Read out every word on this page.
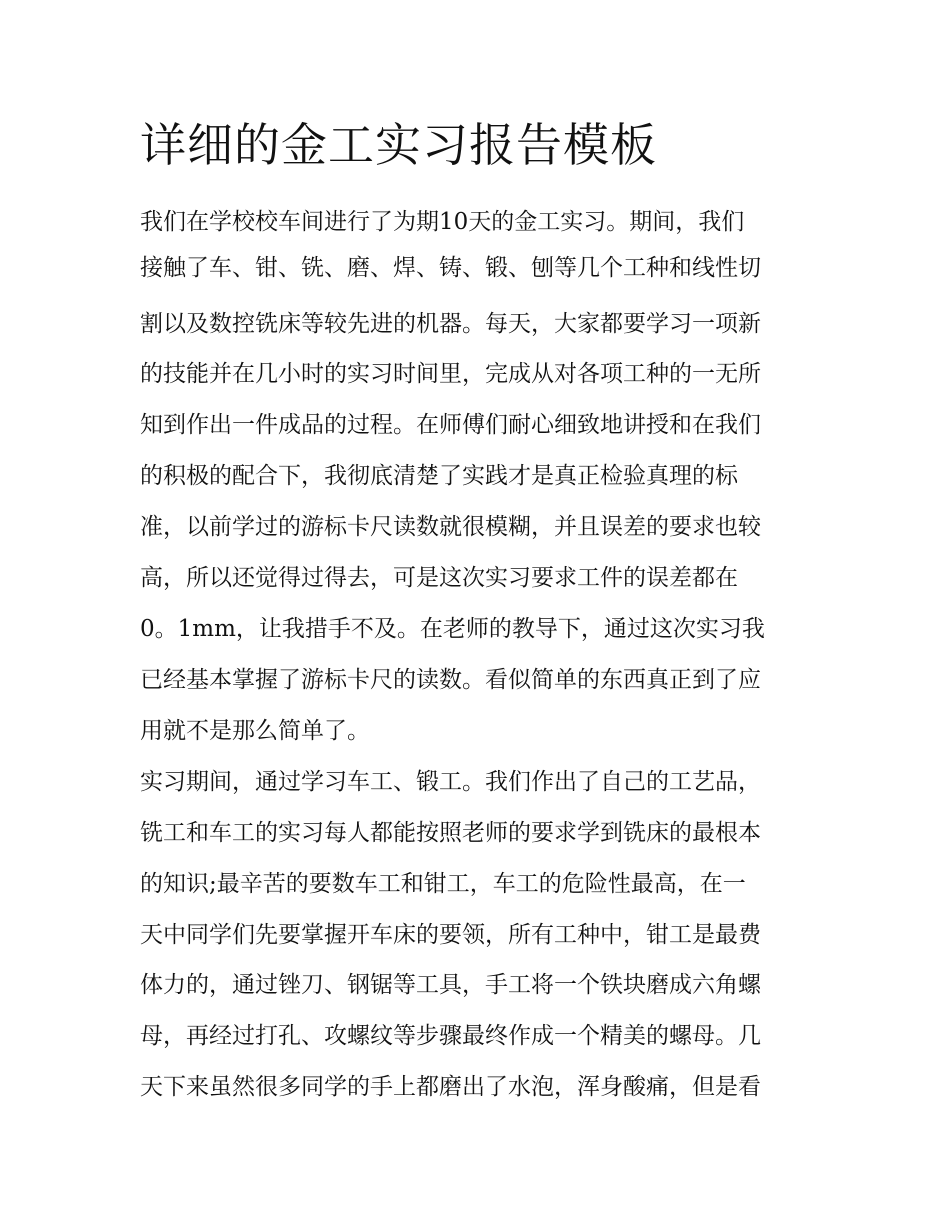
详细的金工实习报告模板

我们在学校校车间进行了为期10天的金工实习。期间，我们

接触了车、钳、铣、磨、焊、铸、锻、刨等几个工种和线性切

割以及数控铣床等较先进的机器。每天，大家都要学习一项新

的技能并在几小时的实习时间里，完成从对各项工种的一无所

知到作出一件成品的过程。在师傅们耐心细致地讲授和在我们

的积极的配合下，我彻底清楚了实践才是真正检验真理的标

准，以前学过的游标卡尺读数就很模糊，并且误差的要求也较

高，所以还觉得过得去，可是这次实习要求工件的误差都在

0。1mm，让我措手不及。在老师的教导下，通过这次实习我

已经基本掌握了游标卡尺的读数。看似简单的东西真正到了应

用就不是那么简单了。

实习期间，通过学习车工、锻工。我们作出了自己的工艺品，

铣工和车工的实习每人都能按照老师的要求学到铣床的最根本

的知识;最辛苦的要数车工和钳工，车工的危险性最高，在一

天中同学们先要掌握开车床的要领，所有工种中，钳工是最费

体力的，通过锉刀、钢锯等工具，手工将一个铁块磨成六角螺

母，再经过打孔、攻螺纹等步骤最终作成一个精美的螺母。几

天下来虽然很多同学的手上都磨出了水泡，浑身酸痛，但是看
